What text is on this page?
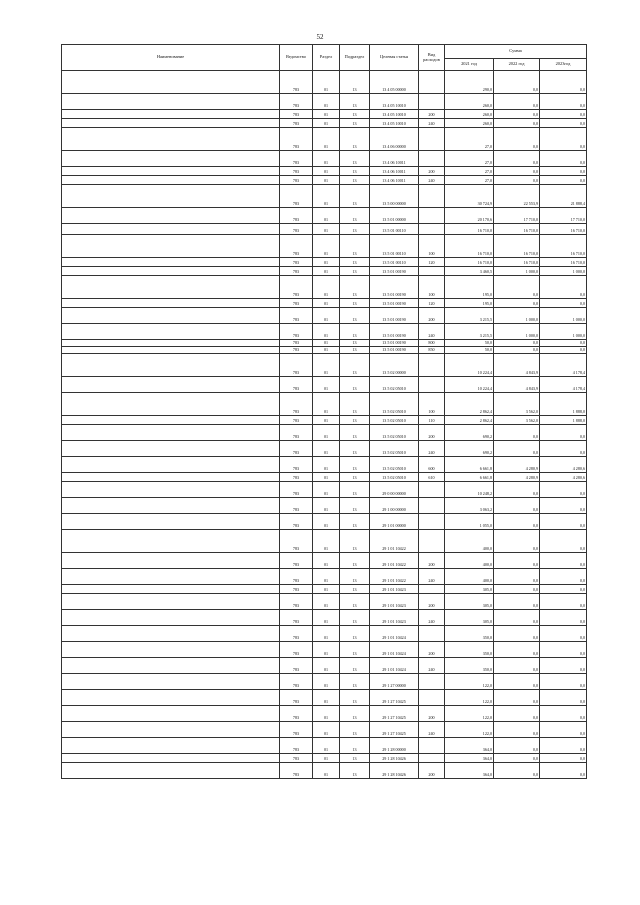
52
Наименование	Ведомство	Раздел	Подраздел	Целевая статья	Вид расходов	Сумма		
						2021 год	2022 год	2023год
	783	01	13	13 4 05 00000		290,0	0,0	0,0
	783	01	13	13 4 05 10010		260,0	0,0	0,0
	783	01	13	13 4 05 10010	200	260,0	0,0	0,0
	783	01	13	13 4 05 10010	240	260,0	0,0	0,0
	783	01	13	13 4 06 00000		27,0	0,0	0,0
	783	01	13	13 4 06 10011		27,0	0,0	0,0
	783	01	13	13 4 06 10011	200	27,0	0,0	0,0
	783	01	13	13 4 06 10011	240	27,0	0,0	0,0
	783	01	13	13 5 00 00000		30 724,9	22 553,9	21 888,4
	783	01	13	13 5 01 00000		20 170,6	17 710,0	17 710,0
	783	01	13	13 5 01 00110		16 710,0	16 710,0	16 710,0
	783	01	13	13 5 01 00110	100	16 710,0	16 710,0	16 710,0
	783	01	13	13 5 01 00110	120	16 710,0	16 710,0	16 710,0
	783	01	13	13 5 01 00190		3 460,5	1 000,0	1 000,0
	783	01	13	13 5 01 00190	100	195,0	0,0	0,0
	783	01	13	13 5 01 00190	120	195,0	0,0	0,0
	783	01	13	13 5 01 00190	200	3 215,5	1 000,0	1 000,0
	783	01	13	13 5 01 00190	240	3 215,5	1 000,0	1 000,0
	783	01	13	13 5 01 00190	800	50,0	0,0	0,0
	783	01	13	13 5 01 00190	850	50,0	0,0	0,0
	783	01	13	13 5 02 00000		10 224,4	4 843,9	4 178,4
	783	01	13	13 5 02 05010		10 224,4	4 843,9	4 178,4
	783	01	13	13 5 02 05010	100	2 862,4	3 562,0	1 888,0
	783	01	13	13 5 02 05010	110	2 862,4	3 562,0	1 888,0
	783	01	13	13 5 02 05010	200	690,2	0,0	0,0
	783	01	13	13 5 02 05010	240	690,2	0,0	0,0
	783	01	13	13 5 02 05010	600	6 661,8	4 280,9	4 280,6
	783	01	13	13 5 02 05010	610	6 661,8	4 280,9	4 280,6
	783	01	13	29 0 00 00000		10 248,2	0,0	0,0
	783	01	13	29 1 00 00000		3 063,2	0,0	0,0
	783	01	13	29 1 01 00000		1 055,0	0,0	0,0
	783	01	13	29 1 01 10422		400,0	0,0	0,0
	783	01	13	29 1 01 10422	200	400,0	0,0	0,0
	783	01	13	29 1 01 10422	240	400,0	0,0	0,0
	783	01	13	29 1 01 10423		305,0	0,0	0,0
	783	01	13	29 1 01 10423	200	305,0	0,0	0,0
	783	01	13	29 1 01 10423	240	305,0	0,0	0,0
	783	01	13	29 1 01 10424		350,0	0,0	0,0
	783	01	13	29 1 01 10424	200	350,0	0,0	0,0
	783	01	13	29 1 01 10424	240	350,0	0,0	0,0
	783	01	13	29 1 27 00000		122,0	0,0	0,0
	783	01	13	29 1 27 10425		122,0	0,0	0,0
	783	01	13	29 1 27 10425	200	122,0	0,0	0,0
	783	01	13	29 1 27 10425	240	122,0	0,0	0,0
	783	01	13	29 1 28 00000		364,0	0,0	0,0
	783	01	13	29 1 28 10426		364,0	0,0	0,0
	783	01	13	29 1 28 10426	200	364,0	0,0	0,0
